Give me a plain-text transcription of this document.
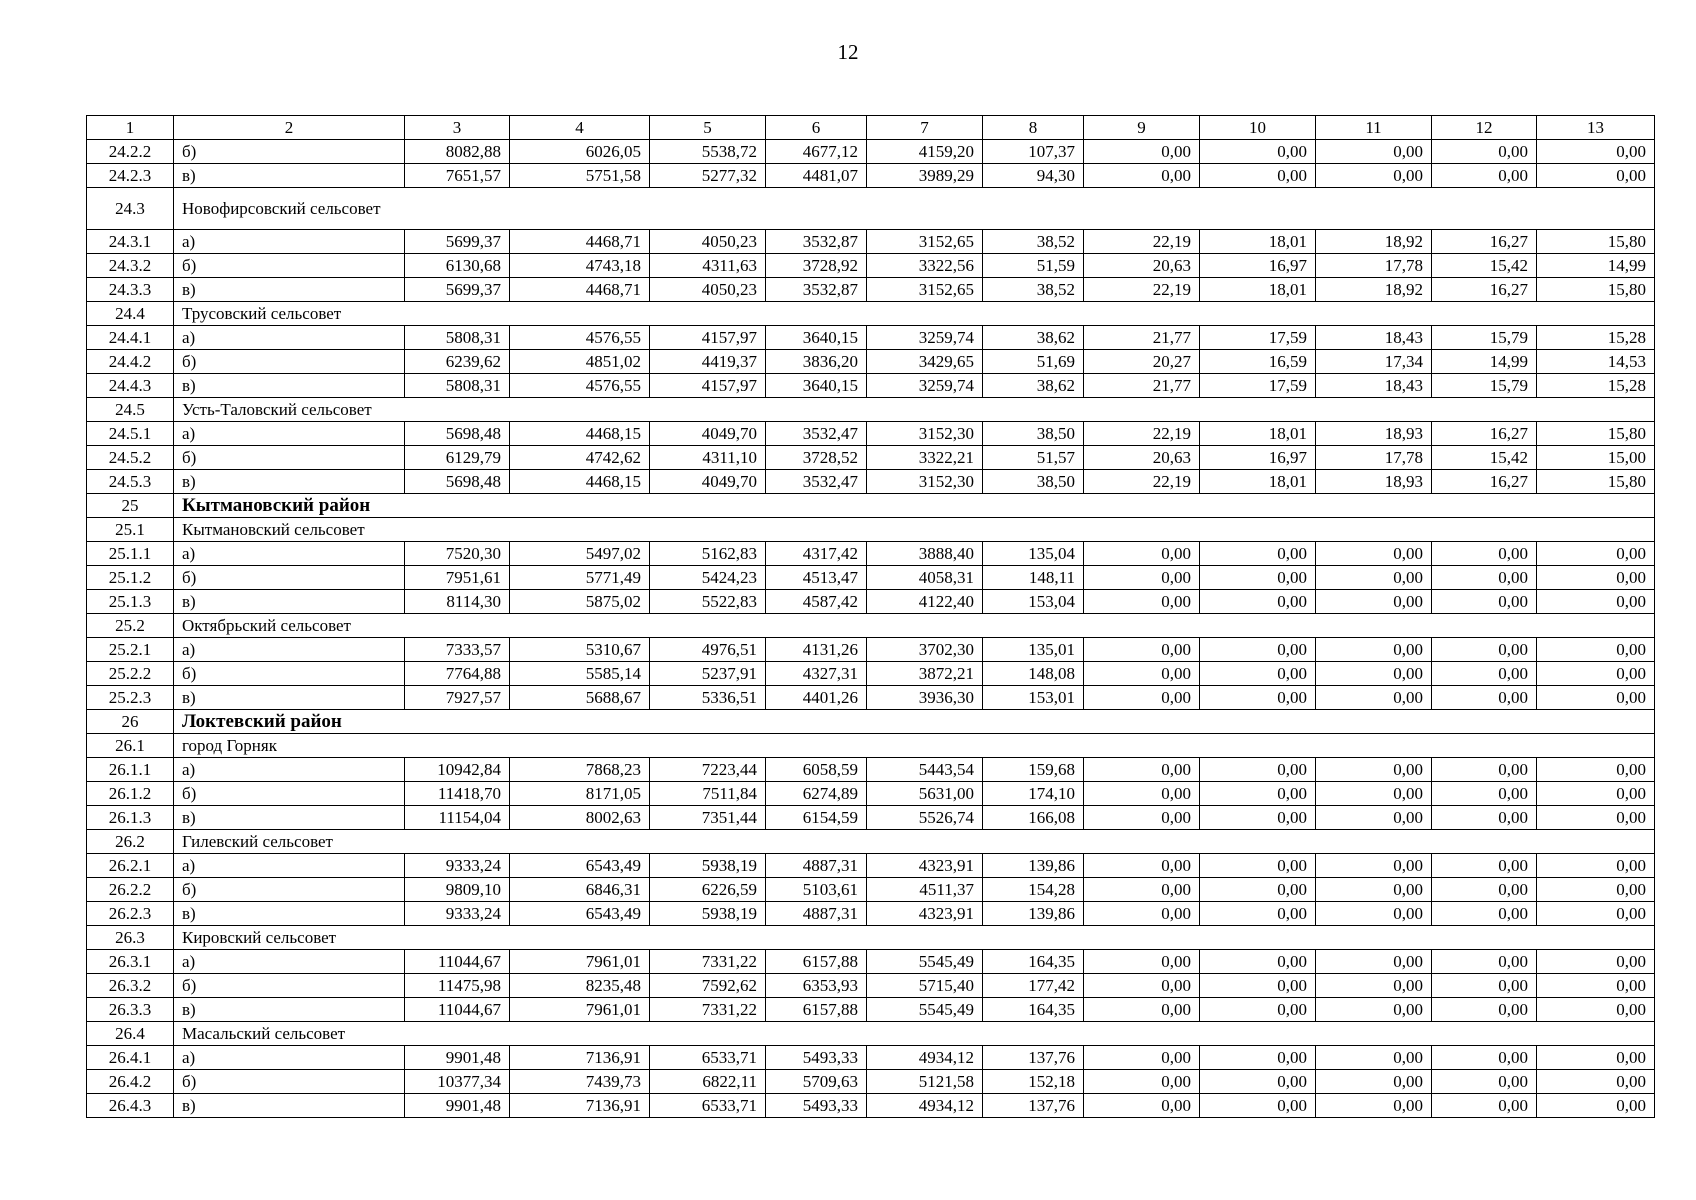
12
1	2	3	4	5	6	7	8	9	10	11	12	13
24.2.2	б)	8082,88	6026,05	5538,72	4677,12	4159,20	107,37	0,00	0,00	0,00	0,00	0,00
24.2.3	в)	7651,57	5751,58	5277,32	4481,07	3989,29	94,30	0,00	0,00	0,00	0,00	0,00
24.3	Новофирсовский сельсовет											
24.3.1	а)	5699,37	4468,71	4050,23	3532,87	3152,65	38,52	22,19	18,01	18,92	16,27	15,80
24.3.2	б)	6130,68	4743,18	4311,63	3728,92	3322,56	51,59	20,63	16,97	17,78	15,42	14,99
24.3.3	в)	5699,37	4468,71	4050,23	3532,87	3152,65	38,52	22,19	18,01	18,92	16,27	15,80
24.4	Трусовский сельсовет											
24.4.1	а)	5808,31	4576,55	4157,97	3640,15	3259,74	38,62	21,77	17,59	18,43	15,79	15,28
24.4.2	б)	6239,62	4851,02	4419,37	3836,20	3429,65	51,69	20,27	16,59	17,34	14,99	14,53
24.4.3	в)	5808,31	4576,55	4157,97	3640,15	3259,74	38,62	21,77	17,59	18,43	15,79	15,28
24.5	Усть-Таловский сельсовет											
24.5.1	а)	5698,48	4468,15	4049,70	3532,47	3152,30	38,50	22,19	18,01	18,93	16,27	15,80
24.5.2	б)	6129,79	4742,62	4311,10	3728,52	3322,21	51,57	20,63	16,97	17,78	15,42	15,00
24.5.3	в)	5698,48	4468,15	4049,70	3532,47	3152,30	38,50	22,19	18,01	18,93	16,27	15,80
25	Кытмановский район											
25.1	Кытмановский сельсовет											
25.1.1	а)	7520,30	5497,02	5162,83	4317,42	3888,40	135,04	0,00	0,00	0,00	0,00	0,00
25.1.2	б)	7951,61	5771,49	5424,23	4513,47	4058,31	148,11	0,00	0,00	0,00	0,00	0,00
25.1.3	в)	8114,30	5875,02	5522,83	4587,42	4122,40	153,04	0,00	0,00	0,00	0,00	0,00
25.2	Октябрьский сельсовет											
25.2.1	а)	7333,57	5310,67	4976,51	4131,26	3702,30	135,01	0,00	0,00	0,00	0,00	0,00
25.2.2	б)	7764,88	5585,14	5237,91	4327,31	3872,21	148,08	0,00	0,00	0,00	0,00	0,00
25.2.3	в)	7927,57	5688,67	5336,51	4401,26	3936,30	153,01	0,00	0,00	0,00	0,00	0,00
26	Локтевский район											
26.1	город Горняк											
26.1.1	а)	10942,84	7868,23	7223,44	6058,59	5443,54	159,68	0,00	0,00	0,00	0,00	0,00
26.1.2	б)	11418,70	8171,05	7511,84	6274,89	5631,00	174,10	0,00	0,00	0,00	0,00	0,00
26.1.3	в)	11154,04	8002,63	7351,44	6154,59	5526,74	166,08	0,00	0,00	0,00	0,00	0,00
26.2	Гилевский сельсовет											
26.2.1	а)	9333,24	6543,49	5938,19	4887,31	4323,91	139,86	0,00	0,00	0,00	0,00	0,00
26.2.2	б)	9809,10	6846,31	6226,59	5103,61	4511,37	154,28	0,00	0,00	0,00	0,00	0,00
26.2.3	в)	9333,24	6543,49	5938,19	4887,31	4323,91	139,86	0,00	0,00	0,00	0,00	0,00
26.3	Кировский сельсовет											
26.3.1	а)	11044,67	7961,01	7331,22	6157,88	5545,49	164,35	0,00	0,00	0,00	0,00	0,00
26.3.2	б)	11475,98	8235,48	7592,62	6353,93	5715,40	177,42	0,00	0,00	0,00	0,00	0,00
26.3.3	в)	11044,67	7961,01	7331,22	6157,88	5545,49	164,35	0,00	0,00	0,00	0,00	0,00
26.4	Масальский сельсовет											
26.4.1	а)	9901,48	7136,91	6533,71	5493,33	4934,12	137,76	0,00	0,00	0,00	0,00	0,00
26.4.2	б)	10377,34	7439,73	6822,11	5709,63	5121,58	152,18	0,00	0,00	0,00	0,00	0,00
26.4.3	в)	9901,48	7136,91	6533,71	5493,33	4934,12	137,76	0,00	0,00	0,00	0,00	0,00
